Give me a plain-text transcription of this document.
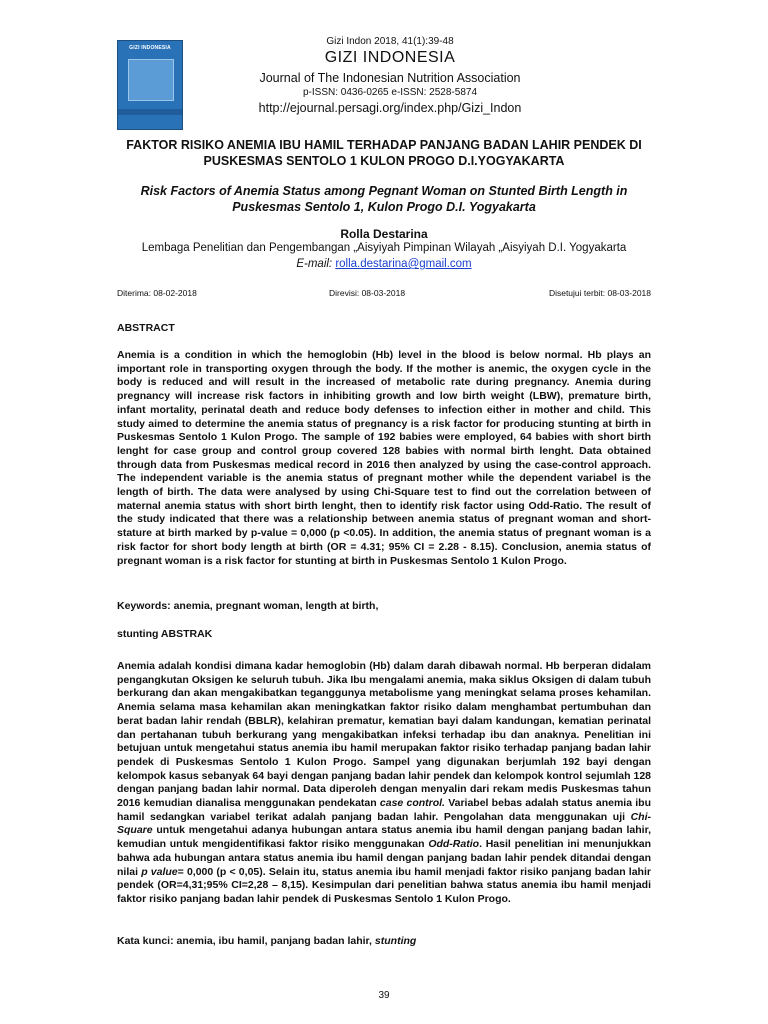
GIZI INDONESIA
Gizi Indon 2018, 41(1):39-48
GIZI INDONESIA
Journal of The Indonesian Nutrition Association
p-ISSN: 0436-0265 e-ISSN: 2528-5874
http://ejournal.persagi.org/index.php/Gizi_Indon
FAKTOR RISIKO ANEMIA IBU HAMIL TERHADAP PANJANG BADAN LAHIR PENDEK DI
PUSKESMAS SENTOLO 1 KULON PROGO D.I.YOGYAKARTA
Risk Factors of Anemia Status among Pegnant Woman on Stunted Birth Length in
Puskesmas Sentolo 1, Kulon Progo D.I. Yogyakarta
Rolla Destarina
Lembaga Penelitian dan Pengembangan „Aisyiyah Pimpinan Wilayah „Aisyiyah D.I. Yogyakarta
E-mail: rolla.destarina@gmail.com
Diterima: 08-02-2018	Direvisi: 08-03-2018	Disetujui terbit: 08-03-2018
ABSTRACT
Anemia is a condition in which the hemoglobin (Hb) level in the blood is below normal. Hb plays an important role in transporting oxygen through the body. If the mother is anemic, the oxygen cycle in the body is reduced and will result in the increased of metabolic rate during pregnancy. Anemia during pregnancy will increase risk factors in inhibiting growth and low birth weight (LBW), premature birth, infant mortality, perinatal death and reduce body defenses to infection either in mother and child. This study aimed to determine the anemia status of pregnancy is a risk factor for producing stunting at birth in Puskesmas Sentolo 1 Kulon Progo. The sample of 192 babies were employed, 64 babies with short birth lenght for case group and control group covered 128 babies with normal birth lenght. Data obtained through data from Puskesmas medical record in 2016 then analyzed by using the case-control approach. The independent variable is the anemia status of pregnant mother while the dependent variabel is the length of birth. The data were analysed by using Chi-Square test to find out the correlation between of maternal anemia status with short birth lenght, then to identify risk factor using Odd-Ratio. The result of the study indicated that there was a relationship between anemia status of pregnant woman and short-stature at birth marked by p-value = 0,000 (p <0.05). In addition, the anemia status of pregnant woman is a risk factor for short body length at birth (OR = 4.31; 95% CI = 2.28 - 8.15). Conclusion, anemia status of pregnant woman is a risk factor for stunting at birth in Puskesmas Sentolo 1 Kulon Progo.
Keywords: anemia, pregnant woman, length at birth,
stunting ABSTRAK
Anemia adalah kondisi dimana kadar hemoglobin (Hb) dalam darah dibawah normal. Hb berperan didalam pengangkutan Oksigen ke seluruh tubuh. Jika Ibu mengalami anemia, maka siklus Oksigen di dalam tubuh berkurang dan akan mengakibatkan teganggunya metabolisme yang meningkat selama proses kehamilan. Anemia selama masa kehamilan akan meningkatkan faktor risiko dalam menghambat pertumbuhan dan berat badan lahir rendah (BBLR), kelahiran prematur, kematian bayi dalam kandungan, kematian perinatal dan pertahanan tubuh berkurang yang mengakibatkan infeksi terhadap ibu dan anaknya. Penelitian ini betujuan untuk mengetahui status anemia ibu hamil merupakan faktor risiko terhadap panjang badan lahir pendek di Puskesmas Sentolo 1 Kulon Progo. Sampel yang digunakan berjumlah 192 bayi dengan kelompok kasus sebanyak 64 bayi dengan panjang badan lahir pendek dan kelompok kontrol sejumlah 128 dengan panjang badan lahir normal. Data diperoleh dengan menyalin dari rekam medis Puskesmas tahun 2016 kemudian dianalisa menggunakan pendekatan case control. Variabel bebas adalah status anemia ibu hamil sedangkan variabel terikat adalah panjang badan lahir. Pengolahan data menggunakan uji Chi-Square untuk mengetahui adanya hubungan antara status anemia ibu hamil dengan panjang badan lahir, kemudian untuk mengidentifikasi faktor risiko menggunakan Odd-Ratio. Hasil penelitian ini menunjukkan bahwa ada hubungan antara status anemia ibu hamil dengan panjang badan lahir pendek ditandai dengan nilai p value= 0,000 (p < 0,05). Selain itu, status anemia ibu hamil menjadi faktor risiko panjang badan lahir pendek (OR=4,31;95% CI=2,28 – 8,15). Kesimpulan dari penelitian bahwa status anemia ibu hamil menjadi faktor risiko panjang badan lahir pendek di Puskesmas Sentolo 1 Kulon Progo.
Kata kunci: anemia, ibu hamil, panjang badan lahir, stunting
39
